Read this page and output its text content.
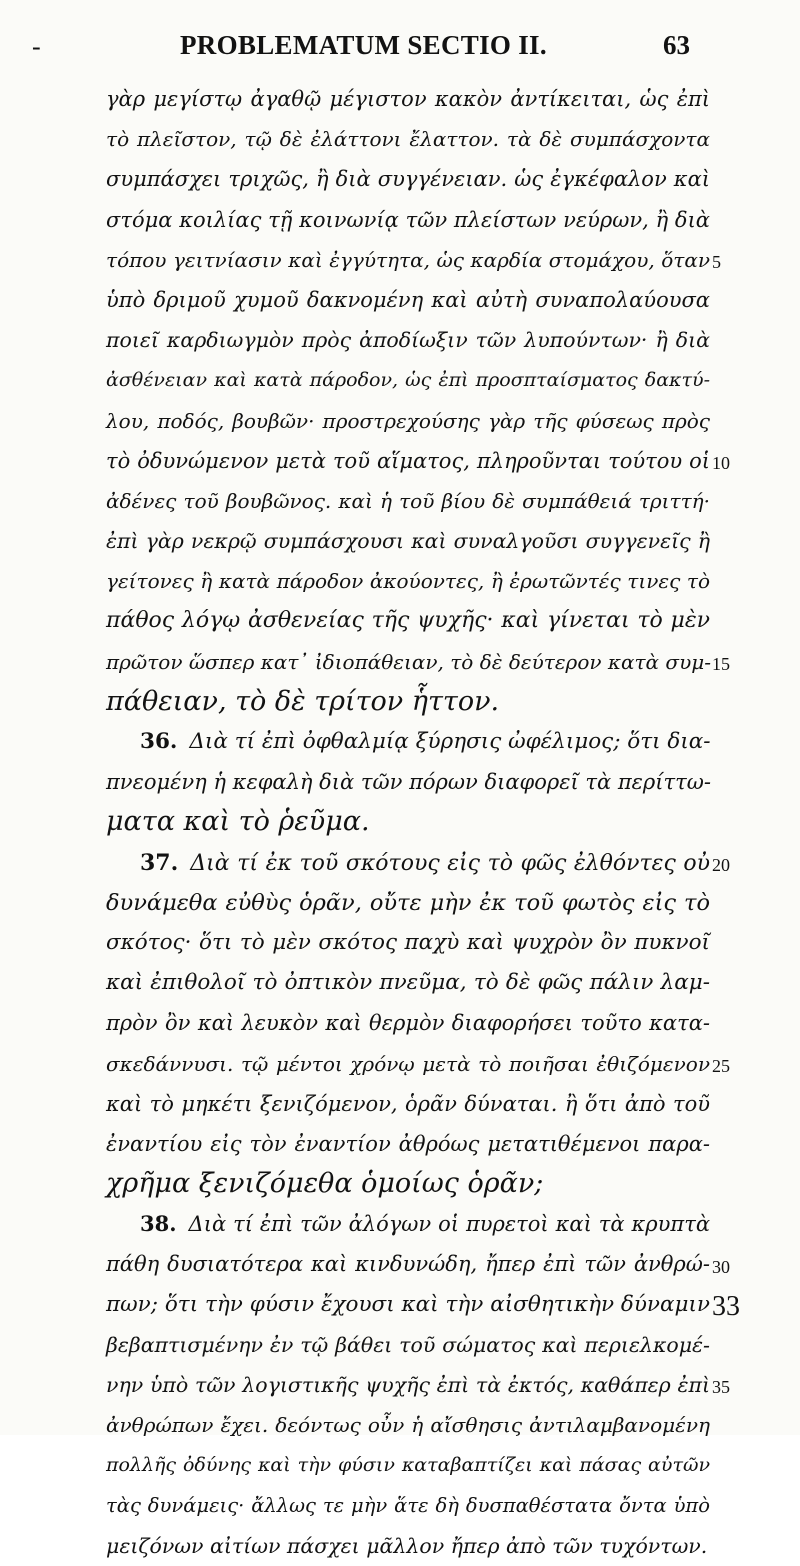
-	PROBLEMATUM SECTIO II.	63
γὰρ μεγίστῳ ἀγαθῷ μέγιστον κακὸν ἀντίκειται, ὡς ἐπὶ
τὸ πλεῖστον, τῷ δὲ ἐλάττονι ἔλαττον. τὰ δὲ συμπάσχοντα
συμπάσχει τριχῶς, ἢ διὰ συγγένειαν. ὡς ἐγκέφαλον καὶ
στόμα κοιλίας τῇ κοινωνίᾳ τῶν πλείστων νεύρων, ἢ διὰ
τόπου γειτνίασιν καὶ ἐγγύτητα, ὡς καρδία στομάχου, ὅταν
ὑπὸ δριμοῦ χυμοῦ δακνομένη καὶ αὐτὴ συναπολαύουσα
ποιεῖ καρδιωγμὸν πρὸς ἀποδίωξιν τῶν λυπούντων· ἢ διὰ
ἀσθένειαν καὶ κατὰ πάροδον, ὡς ἐπὶ προσπταίσματος δακτύ-
λου, ποδός, βουβῶν· προστρεχούσης γὰρ τῆς φύσεως πρὸς
τὸ ὀδυνώμενον μετὰ τοῦ αἵματος, πληροῦνται τούτου οἱ
ἀδένες τοῦ βουβῶνος. καὶ ἡ τοῦ βίου δὲ συμπάθειά τριττή·
ἐπὶ γὰρ νεκρῷ συμπάσχουσι καὶ συναλγοῦσι συγγενεῖς ἢ
γείτονες ἢ κατὰ πάροδον ἀκούοντες, ἢ ἐρωτῶντές τινες τὸ
πάθος λόγῳ ἀσθενείας τῆς ψυχῆς· καὶ γίνεται τὸ μὲν
πρῶτον ὥσπερ κατ᾽ ἰδιοπάθειαν, τὸ δὲ δεύτερον κατὰ συμ-
πάθειαν, τὸ δὲ τρίτον ἧττον.
36. Διὰ τί ἐπὶ ὀφθαλμίᾳ ξύρησις ὠφέλιμος; ὅτι δια-
πνεομένη ἡ κεφαλὴ διὰ τῶν πόρων διαφορεῖ τὰ περίττω-
ματα καὶ τὸ ῥεῦμα.
37. Διὰ τί ἐκ τοῦ σκότους εἰς τὸ φῶς ἐλθόντες οὐ
δυνάμεθα εὐθὺς ὁρᾶν, οὔτε μὴν ἐκ τοῦ φωτὸς εἰς τὸ
σκότος· ὅτι τὸ μὲν σκότος παχὺ καὶ ψυχρὸν ὂν πυκνοῖ
καὶ ἐπιθολοῖ τὸ ὀπτικὸν πνεῦμα, τὸ δὲ φῶς πάλιν λαμ-
πρὸν ὂν καὶ λευκὸν καὶ θερμὸν διαφορήσει τοῦτο κατα-
σκεδάννυσι. τῷ μέντοι χρόνῳ μετὰ τὸ ποιῆσαι ἐθιζόμενον
καὶ τὸ μηκέτι ξενιζόμενον, ὁρᾶν δύναται. ἢ ὅτι ἀπὸ τοῦ
ἐναντίου εἰς τὸν ἐναντίον ἀθρόως μετατιθέμενοι παρα-
χρῆμα ξενιζόμεθα ὁμοίως ὁρᾶν;
38. Διὰ τί ἐπὶ τῶν ἀλόγων οἱ πυρετοὶ καὶ τὰ κρυπτὰ
πάθη δυσιατότερα καὶ κινδυνώδη, ἤπερ ἐπὶ τῶν ἀνθρώ-
πων; ὅτι τὴν φύσιν ἔχουσι καὶ τὴν αἰσθητικὴν δύναμιν
βεβαπτισμένην ἐν τῷ βάθει τοῦ σώματος καὶ περιελκομέ-
νην ὑπὸ τῶν λογιστικῆς ψυχῆς ἐπὶ τὰ ἐκτός, καθάπερ ἐπὶ
ἀνθρώπων ἔχει. δεόντως οὖν ἡ αἴσθησις ἀντιλαμβανομένη
πολλῆς ὀδύνης καὶ τὴν φύσιν καταβαπτίζει καὶ πάσας αὐτῶν
τὰς δυνάμεις· ἄλλως τε μὴν ἅτε δὴ δυσπαθέστατα ὄντα ὑπὸ
μειζόνων αἰτίων πάσχει μᾶλλον ἤπερ ἀπὸ τῶν τυχόντων.
5
10
15
20
25
30
33
35
